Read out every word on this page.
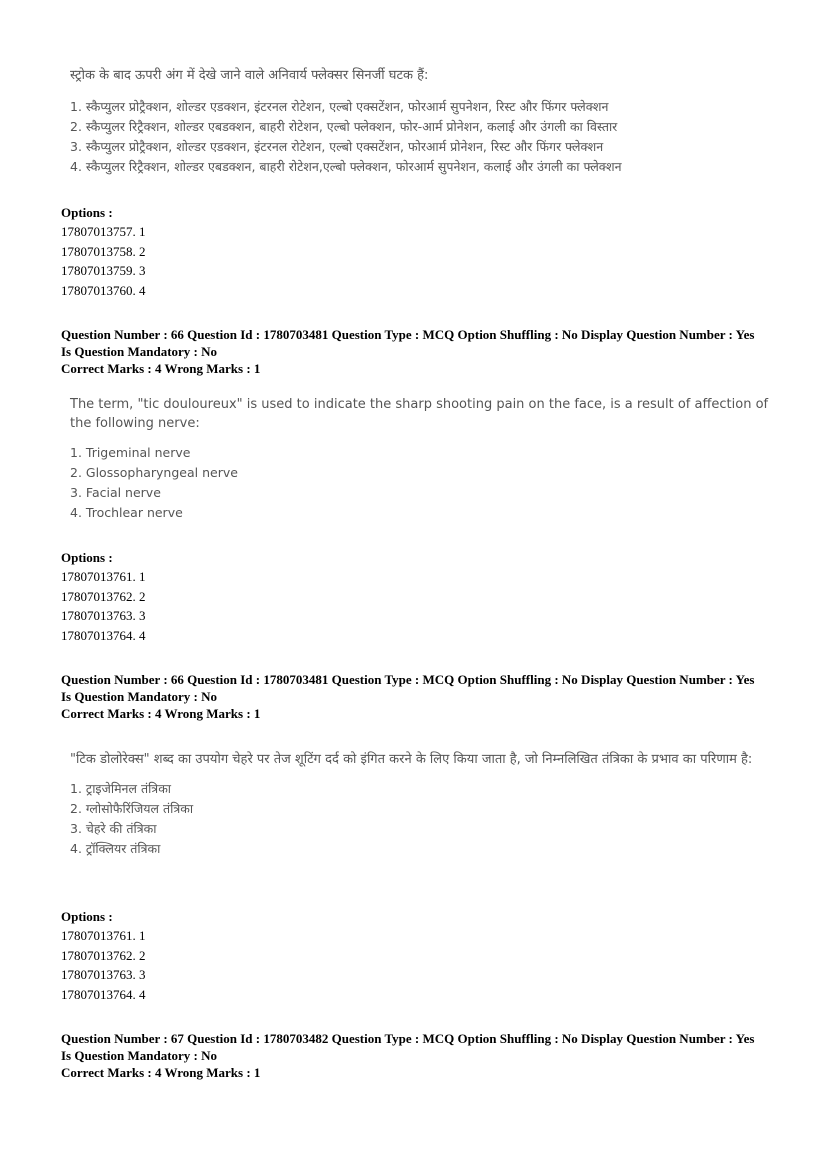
स्ट्रोक के बाद ऊपरी अंग में देखे जाने वाले अनिवार्य फ्लेक्सर सिनर्जी घटक हैं:
1. स्कैप्युलर प्रोट्रैक्शन, शोल्डर एडक्शन, इंटरनल रोटेशन, एल्बो एक्सटेंशन, फोरआर्म सुपनेशन, रिस्ट और फिंगर फ्लेक्शन
2. स्कैप्युलर रिट्रैक्शन, शोल्डर एबडक्शन, बाहरी रोटेशन, एल्बो फ्लेक्शन, फोर-आर्म प्रोनेशन, कलाई और उंगली का विस्तार
3. स्कैप्युलर प्रोट्रैक्शन, शोल्डर एडक्शन, इंटरनल रोटेशन, एल्बो एक्सटेंशन, फोरआर्म प्रोनेशन, रिस्ट और फिंगर फ्लेक्शन
4. स्कैप्युलर रिट्रैक्शन, शोल्डर एबडक्शन, बाहरी रोटेशन,एल्बो फ्लेक्शन, फोरआर्म सुपनेशन, कलाई और उंगली का फ्लेक्शन
Options :
17807013757. 1
17807013758. 2
17807013759. 3
17807013760. 4
Question Number : 66 Question Id : 1780703481 Question Type : MCQ Option Shuffling : No Display Question Number : Yes
Is Question Mandatory : No
Correct Marks : 4 Wrong Marks : 1
The term, "tic douloureux" is used to indicate the sharp shooting pain on the face, is a result of affection of the following nerve:
1. Trigeminal nerve
2. Glossopharyngeal nerve
3. Facial nerve
4. Trochlear nerve
Options :
17807013761. 1
17807013762. 2
17807013763. 3
17807013764. 4
Question Number : 66 Question Id : 1780703481 Question Type : MCQ Option Shuffling : No Display Question Number : Yes
Is Question Mandatory : No
Correct Marks : 4 Wrong Marks : 1
"टिक डोलोरेक्स" शब्द का उपयोग चेहरे पर तेज शूटिंग दर्द को इंगित करने के लिए किया जाता है, जो निम्नलिखित तंत्रिका के प्रभाव का परिणाम है:
1. ट्राइजेमिनल तंत्रिका
2. ग्लोसोफैरिंजियल तंत्रिका
3. चेहरे की तंत्रिका
4. ट्रॉक्लियर तंत्रिका
Options :
17807013761. 1
17807013762. 2
17807013763. 3
17807013764. 4
Question Number : 67 Question Id : 1780703482 Question Type : MCQ Option Shuffling : No Display Question Number : Yes
Is Question Mandatory : No
Correct Marks : 4 Wrong Marks : 1
